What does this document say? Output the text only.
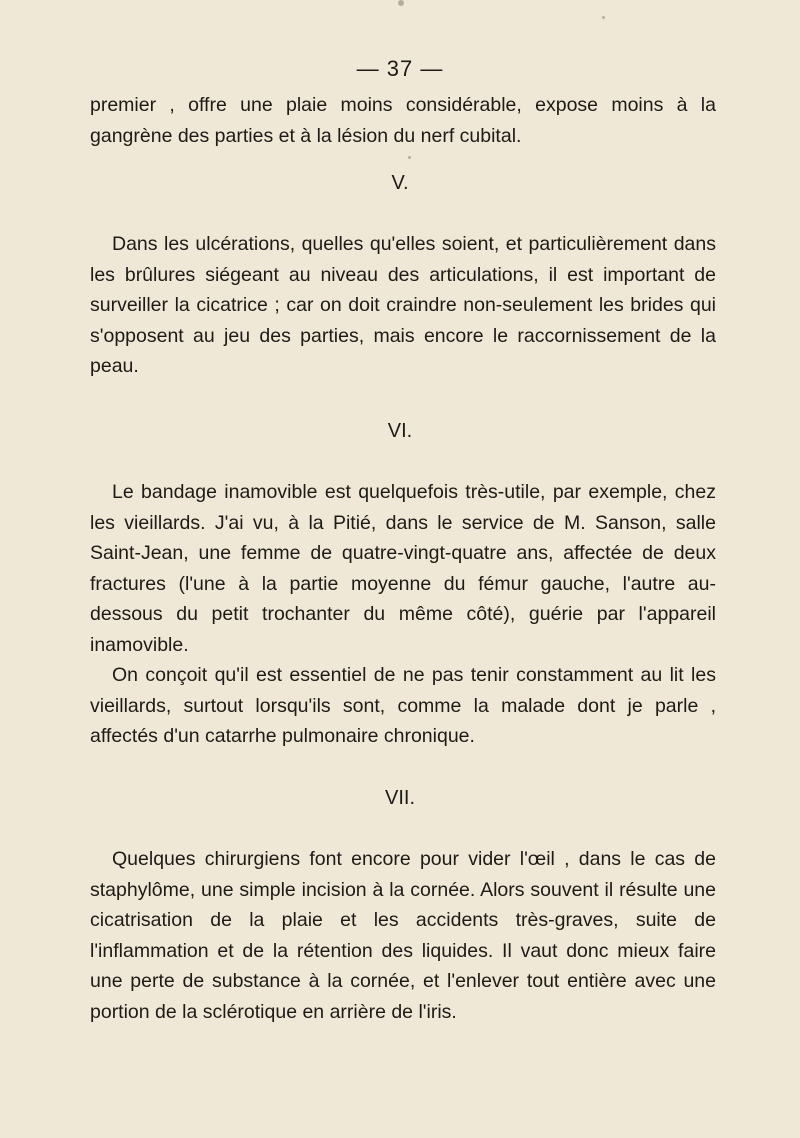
— 37 —

premier , offre une plaie moins considérable, expose moins à la gangrène des parties et à la lésion du nerf cubital.

V.

Dans les ulcérations, quelles qu'elles soient, et particulièrement dans les brûlures siégeant au niveau des articulations, il est important de surveiller la cicatrice ; car on doit craindre non-seulement les brides qui s'opposent au jeu des parties, mais encore le raccornissement de la peau.

VI.

Le bandage inamovible est quelquefois très-utile, par exemple, chez les vieillards. J'ai vu, à la Pitié, dans le service de M. Sanson, salle Saint-Jean, une femme de quatre-vingt-quatre ans, affectée de deux fractures (l'une à la partie moyenne du fémur gauche, l'autre au-dessous du petit trochanter du même côté), guérie par l'appareil inamovible.

On conçoit qu'il est essentiel de ne pas tenir constamment au lit les vieillards, surtout lorsqu'ils sont, comme la malade dont je parle , affectés d'un catarrhe pulmonaire chronique.

VII.

Quelques chirurgiens font encore pour vider l'œil , dans le cas de staphylôme, une simple incision à la cornée. Alors souvent il résulte une cicatrisation de la plaie et les accidents très-graves, suite de l'inflammation et de la rétention des liquides. Il vaut donc mieux faire une perte de substance à la cornée, et l'enlever tout entière avec une portion de la sclérotique en arrière de l'iris.
